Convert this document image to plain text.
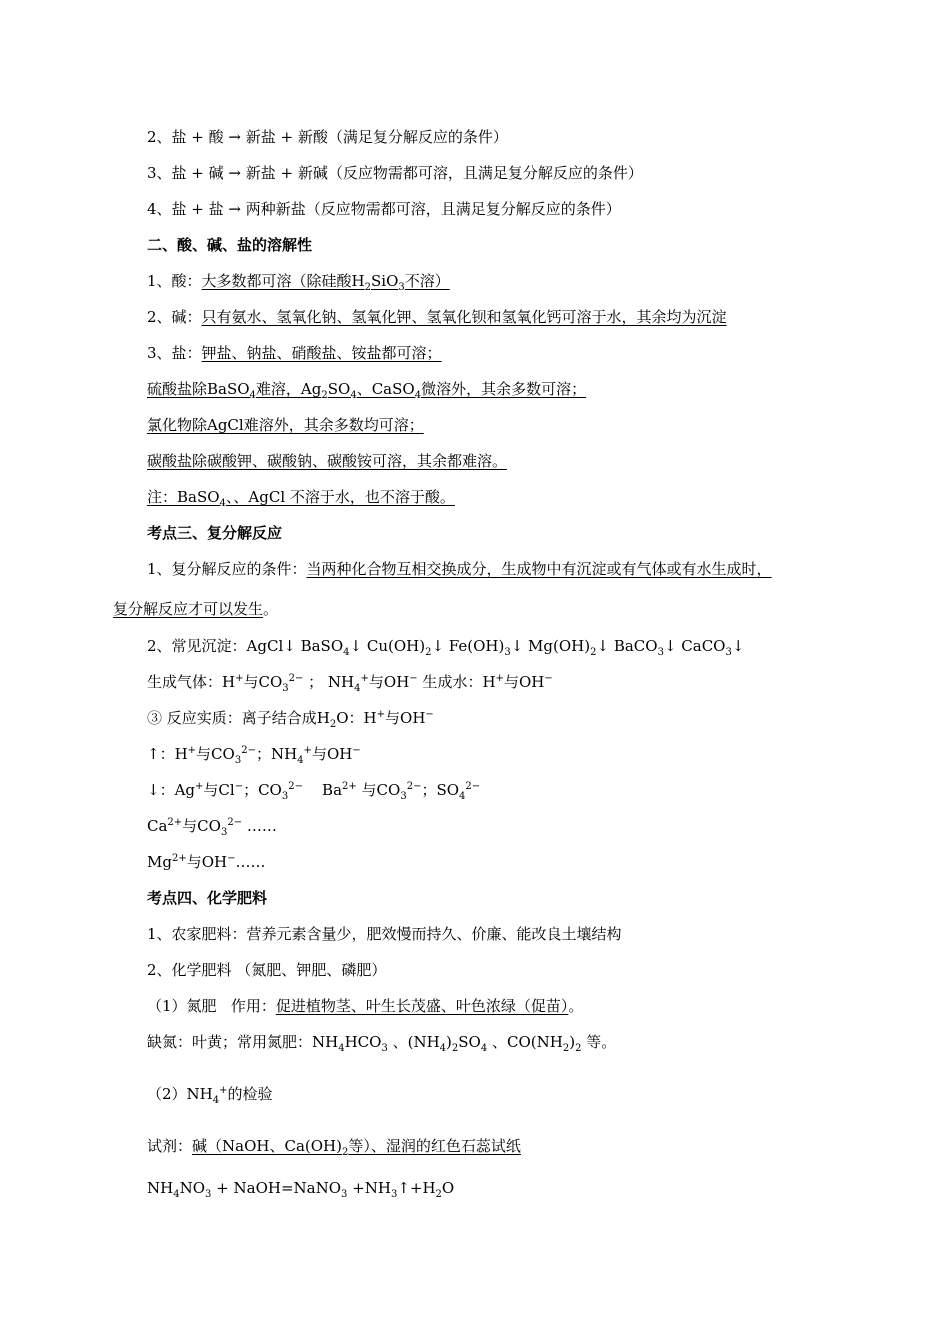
2、盐 + 酸 → 新盐 + 新酸（满足复分解反应的条件）
3、盐 + 碱 → 新盐 + 新碱（反应物需都可溶，且满足复分解反应的条件）
4、盐 + 盐 → 两种新盐（反应物需都可溶，且满足复分解反应的条件）
二、酸、碱、盐的溶解性
1、酸：大多数都可溶（除硅酸$H_2SiO_3$不溶）
2、碱：只有氨水、氢氧化钠、氢氧化钾、氢氧化钡和氢氧化钙可溶于水，其余均为沉淀
3、盐：钾盐、钠盐、硝酸盐、铵盐都可溶；
硫酸盐除BaSO$_4$难溶，$Ag_2SO_4$、CaSO$_4$微溶外，其余多数可溶；
氯化物除AgCl难溶外，其余多数均可溶；
碳酸盐除碳酸钾、碳酸钠、碳酸铵可溶，其余都难溶。
注：BaSO$_4$、、AgCl 不溶于水，也不溶于酸。
考点三、复分解反应
1、复分解反应的条件：当两种化合物互相交换成分，生成物中有沉淀或有气体或有水生成时，
复分解反应才可以发生。
2、常见沉淀：AgCl↓ BaSO$_4$↓ $Cu(OH)_2↓$ $Fe(OH)_3↓$ $Mg(OH)_2↓$ BaCO$_3$↓ CaCO$_3$↓
生成气体：H+与$CO_3^{2-}$ ； $NH_4^+$与OH− 生成水：H+与OH−
③ 反应实质：离子结合成$H_2O$：H+与OH−
↑：H+与$CO_3^{2-}$；$NH_4^+$与OH−
↓：Ag+与Cl−；$CO_3^{2-}$    $Ba^{2+}$ 与$CO_3^{2-}$；$SO_4^{2-}$
$Ca^{2+}$与$CO_3^{2-}$ ……
$Mg^{2+}$与OH−……
考点四、化学肥料
1、农家肥料：营养元素含量少，肥效慢而持久、价廉、能改良土壤结构
2、化学肥料 （氮肥、钾肥、磷肥）
（1）氮肥   作用：促进植物茎、叶生长茂盛、叶色浓绿（促苗）。
缺氮：叶黄；常用氮肥：$NH_4HCO_3$ 、$(NH_4)_2SO_4$ 、$CO(NH_2)_2$ 等。
$(2)NH_4^+$的检验
试剂：碱（NaOH、$Ca(OH)_2$等）、湿润的红色石蕊试纸
$NH_4NO_3$ + NaOH=NaNO$_3$ $+NH_3↑+H_2O$
